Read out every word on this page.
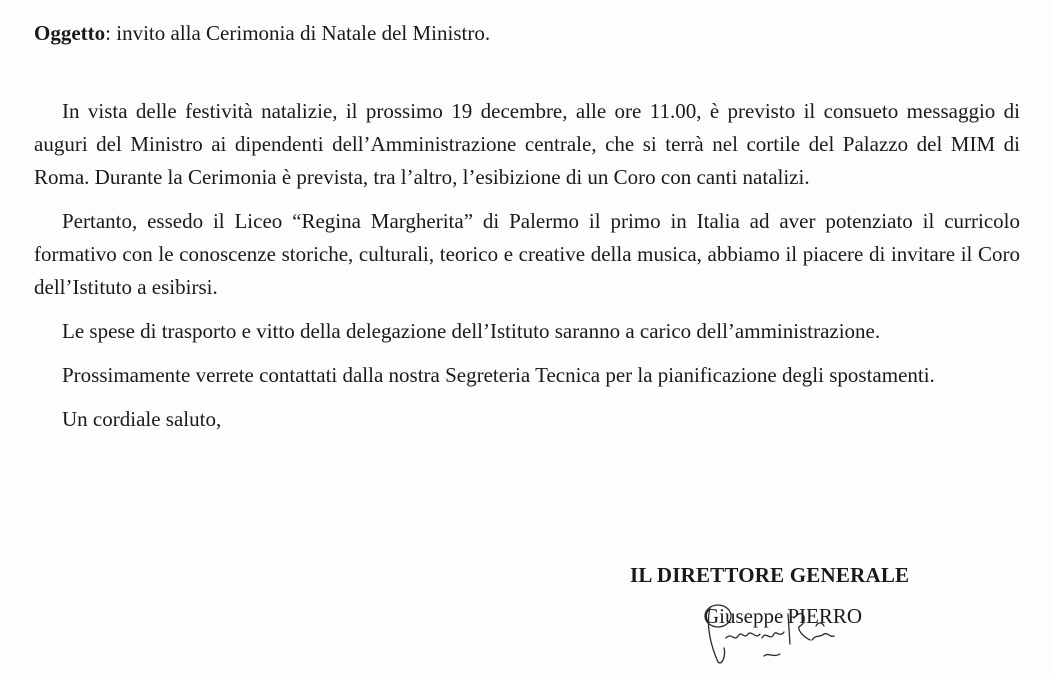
Oggetto: invito alla Cerimonia di Natale del Ministro.

In vista delle festività natalizie, il prossimo 19 decembre, alle ore 11.00, è previsto il consueto messaggio di auguri del Ministro ai dipendenti dell’Amministrazione centrale, che si terrà nel cortile del Palazzo del MIM di Roma. Durante la Cerimonia è prevista, tra l’altro, l’esibizione di un Coro con canti natalizi.

Pertanto, essedo il Liceo “Regina Margherita” di Palermo il primo in Italia ad aver potenziato il curricolo formativo con le conoscenze storiche, culturali, teorico e creative della musica, abbiamo il piacere di invitare il Coro dell’Istituto a esibirsi.

Le spese di trasporto e vitto della delegazione dell’Istituto saranno a carico dell’amministrazione.

Prossimamente verrete contattati dalla nostra Segreteria Tecnica per la pianificazione degli spostamenti.

Un cordiale saluto,

IL DIRETTORE GENERALE
Giuseppe PIERRO
